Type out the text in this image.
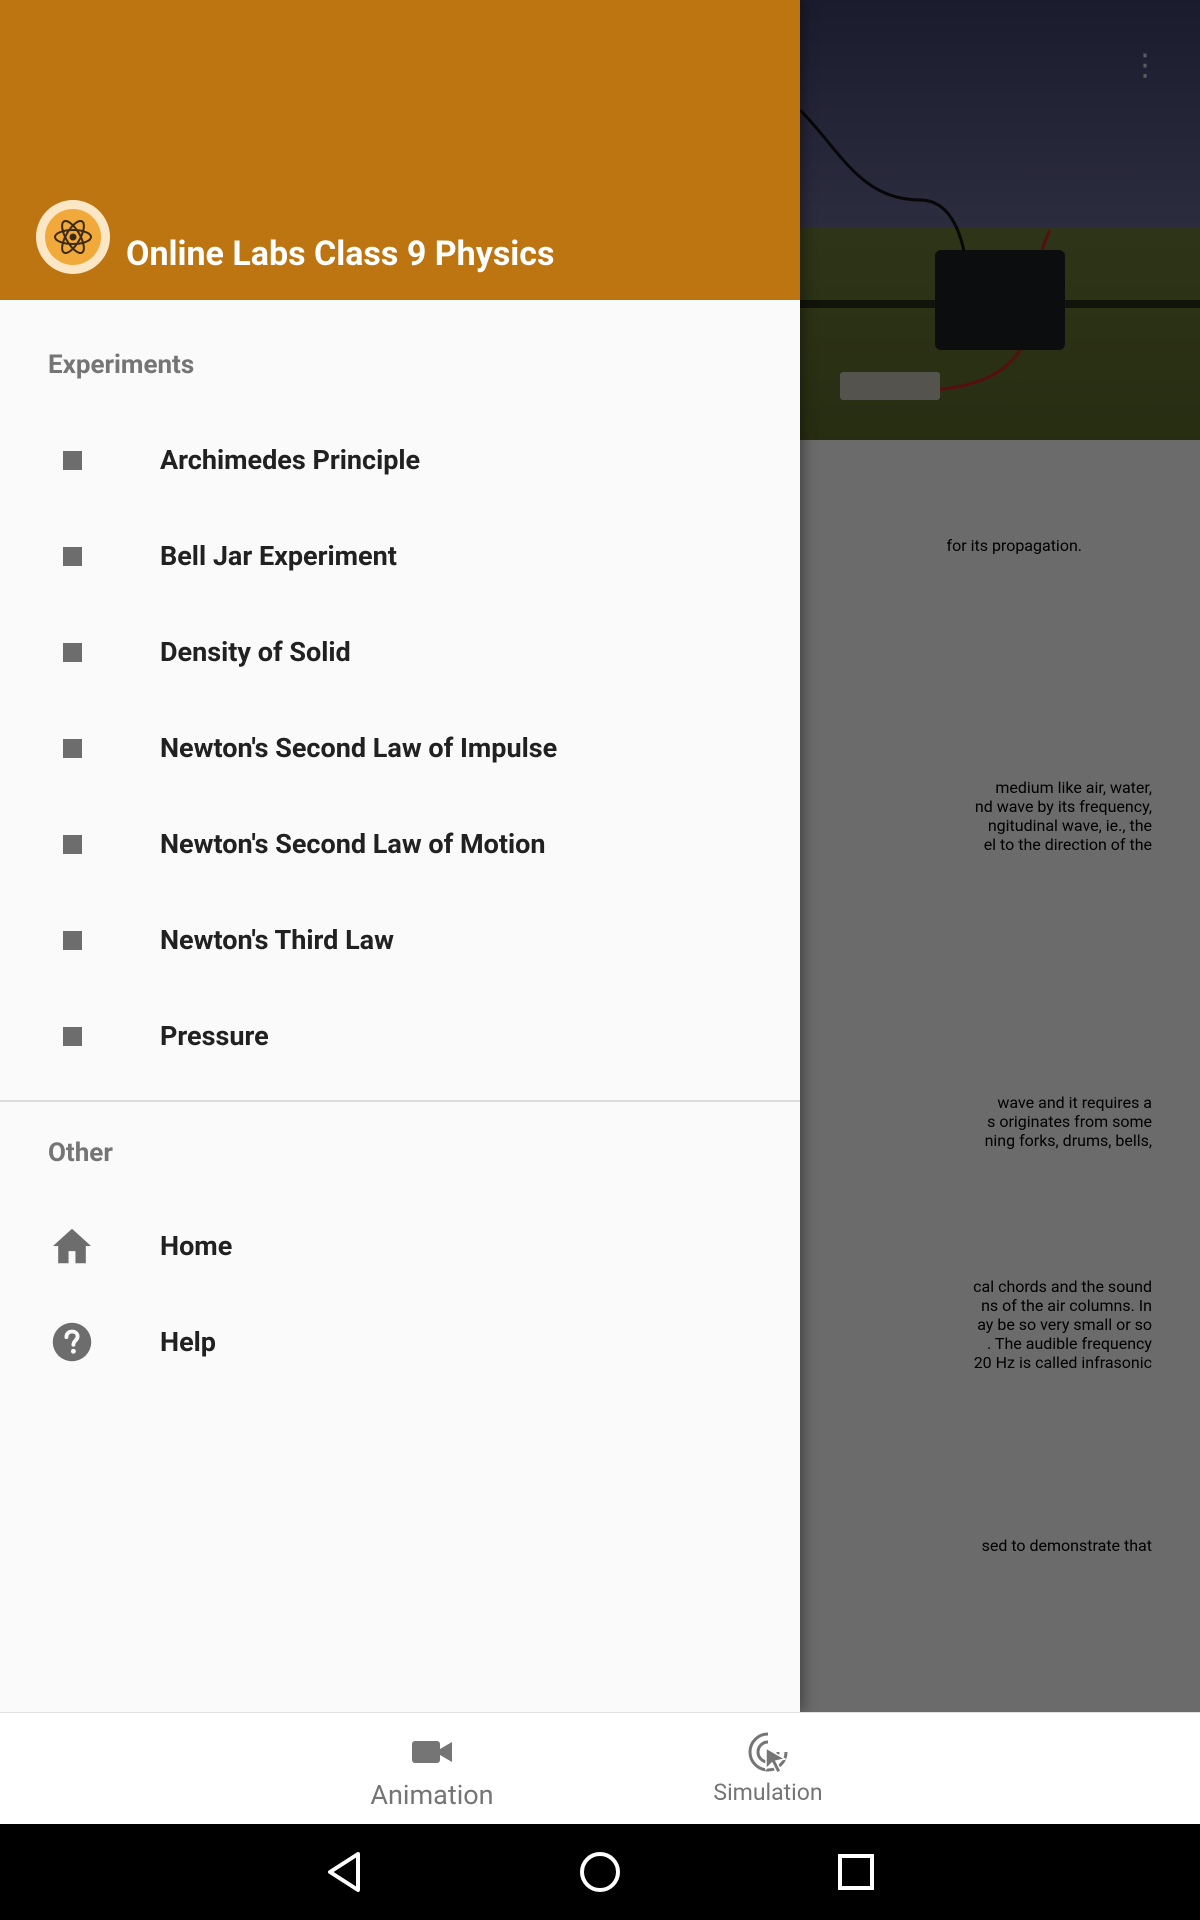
Online Labs Class 9 Physics
Experiments
Archimedes Principle
Bell Jar Experiment
Density of Solid
Newton's Second Law of Impulse
Newton's Second Law of Motion
Newton's Third Law
Pressure
Other
Home
Help
Animation	Simulation
